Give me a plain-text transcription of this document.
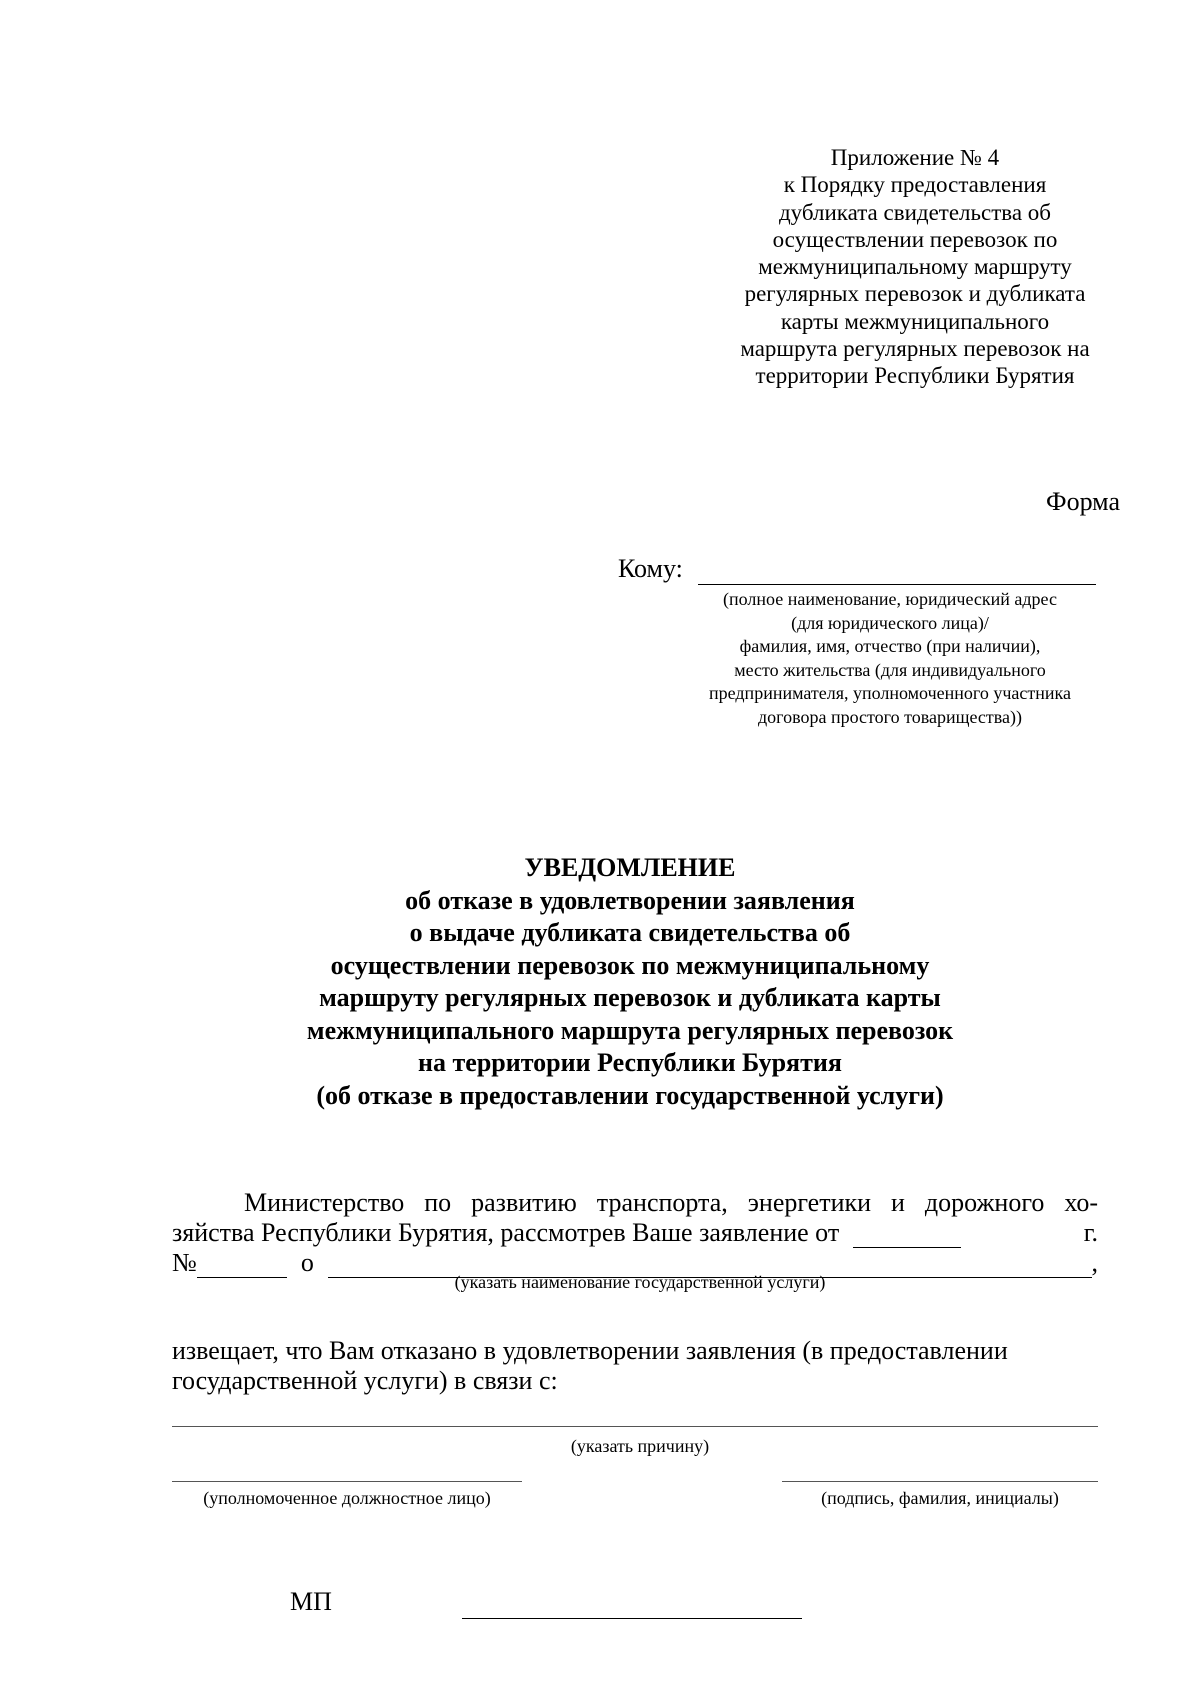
Приложение № 4
к Порядку предоставления
дубликата свидетельства об
осуществлении перевозок по
межмуниципальному маршруту
регулярных перевозок и дубликата
карты межмуниципального
маршрута регулярных перевозок на
территории Республики Бурятия
Форма
Кому:
(полное наименование, юридический адрес
(для юридического лица)/
фамилия, имя, отчество (при наличии),
место жительства (для индивидуального
предпринимателя, уполномоченного участника
договора простого товарищества))
УВЕДОМЛЕНИЕ
об отказе в удовлетворении заявления
о выдаче дубликата свидетельства об
осуществлении перевозок по межмуниципальному
маршруту регулярных перевозок и дубликата карты
межмуниципального маршрута регулярных перевозок
на территории Республики Бурятия
(об отказе в предоставлении государственной услуги)
Министерство по развитию транспорта, энергетики и дорожного хо-
зяйства Республики Бурятия, рассмотрев Ваше заявление от	г.
№	о	,
(указать наименование государственной услуги)
извещает, что Вам отказано в удовлетворении заявления (в предоставлении
государственной услуги) в связи с:
(указать причину)
(уполномоченное должностное лицо)	(подпись, фамилия, инициалы)
МП
